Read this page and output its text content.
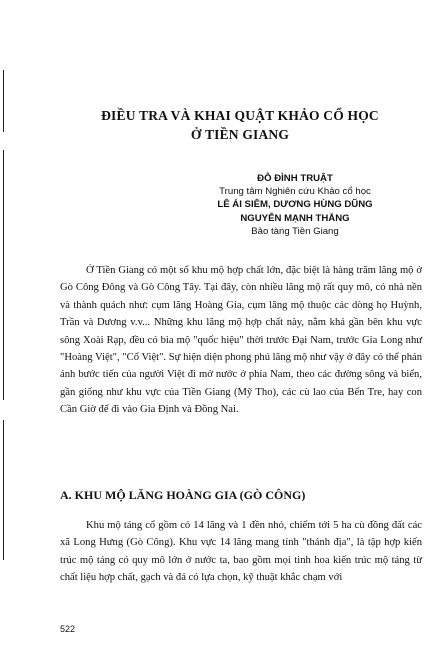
ĐIỀU TRA VÀ KHAI QUẬT KHẢO CỔ HỌC
Ở TIỀN GIANG
ĐỖ ĐÌNH TRUẬT
Trung tâm Nghiên cứu Khảo cổ học
LÊ ÁI SIÊM, DƯƠNG HÙNG DŨNG
NGUYỄN MẠNH THẮNG
Bảo tàng Tiền Giang

Ở Tiền Giang có một số khu mộ hợp chất lớn, đặc biệt là hàng trăm lăng mộ ở Gò Công Đông và Gò Công Tây. Tại đây, còn nhiều lăng mộ rất quy mô, có nhà nền và thành quách như: cụm lăng Hoàng Gia, cụm lăng mộ thuộc các dòng họ Huỳnh, Trần và Dương v.v... Những khu lăng mộ hợp chất này, nằm khá gần bên khu vực sông Xoài Rạp, đều có bia mộ "quốc hiệu" thời trước Đại Nam, trước Gia Long như "Hoàng Việt", "Cổ Việt". Sự hiện diện phong phú lăng mộ như vậy ở đây có thể phản ánh bước tiến của người Việt đi mở nước ở phía Nam, theo các đường sông và biển, gần giống như khu vực của Tiền Giang (Mỹ Tho), các cù lao của Bến Tre, hay con Cần Giờ để đi vào Gia Định và Đồng Nai.

A. KHU MỘ LĂNG HOÀNG GIA (GÒ CÔNG)

Khu mộ táng cổ gồm có 14 lăng và 1 đền nhỏ, chiếm tới 5 ha cù đồng đất các xã Long Hưng (Gò Công). Khu vực 14 lăng mang tính "thánh địa", là tập hợp kiến trúc mộ táng có quy mô lớn ở nước ta, bao gồm mọi tinh hoa kiến trúc mộ táng từ chất liệu hợp chất, gạch và đá có lựa chọn, kỹ thuật khắc chạm với

522
